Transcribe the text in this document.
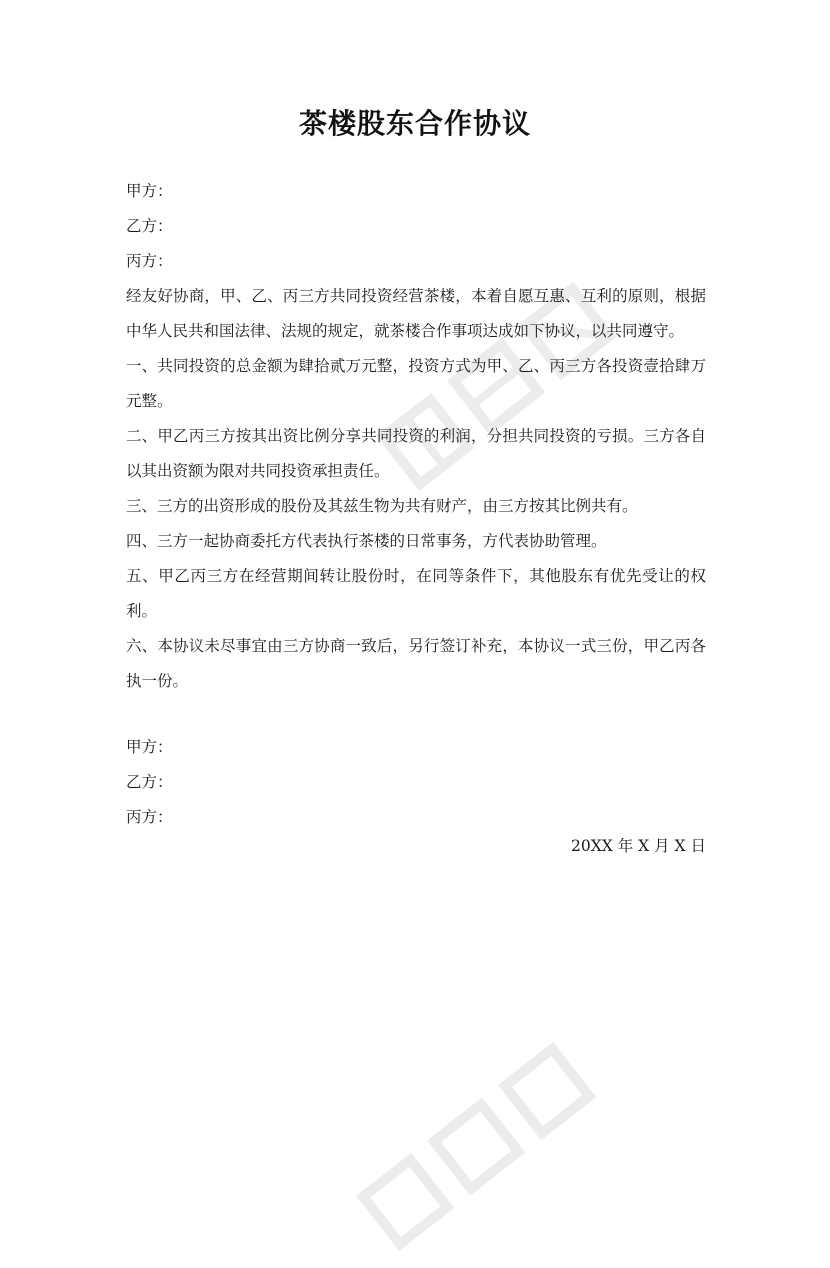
茶楼股东合作协议

甲方：

乙方：

丙方：

经友好协商，甲、乙、丙三方共同投资经营茶楼，本着自愿互惠、互利的原则，根据中华人民共和国法律、法规的规定，就茶楼合作事项达成如下协议，以共同遵守。

一、共同投资的总金额为肆拾贰万元整，投资方式为甲、乙、丙三方各投资壹拾肆万元整。

二、甲乙丙三方按其出资比例分享共同投资的利润，分担共同投资的亏损。三方各自以其出资额为限对共同投资承担责任。

三、三方的出资形成的股份及其兹生物为共有财产，由三方按其比例共有。

四、三方一起协商委托方代表执行茶楼的日常事务，方代表协助管理。

五、甲乙丙三方在经营期间转让股份时，在同等条件下，其他股东有优先受让的权利。

六、本协议未尽事宜由三方协商一致后，另行签订补充，本协议一式三份，甲乙丙各执一份。

甲方：

乙方：

丙方：

20XX 年 X 月 X 日
